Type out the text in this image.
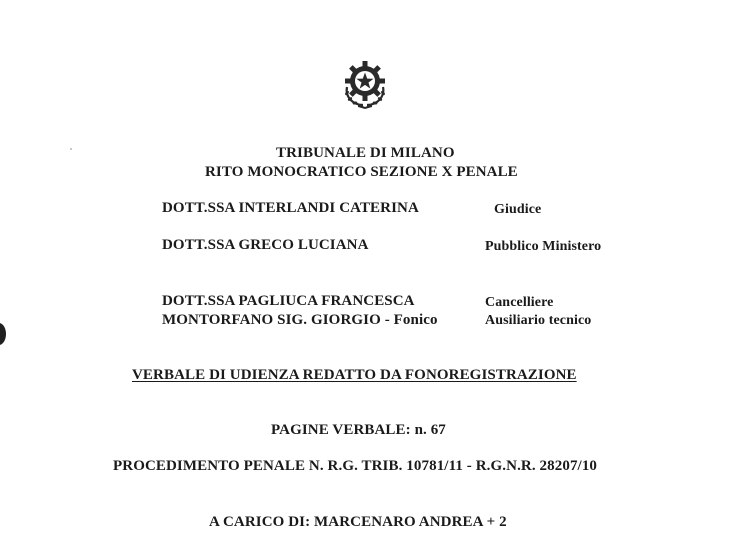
TRIBUNALE DI MILANO
RITO MONOCRATICO SEZIONE X PENALE
DOTT.SSA INTERLANDI CATERINA	Giudice
DOTT.SSA GRECO LUCIANA	Pubblico Ministero
DOTT.SSA PAGLIUCA FRANCESCA	Cancelliere
MONTORFANO SIG. GIORGIO - Fonico	Ausiliario tecnico
VERBALE DI UDIENZA REDATTO DA FONOREGISTRAZIONE
PAGINE VERBALE: n. 67
PROCEDIMENTO PENALE N. R.G. TRIB. 10781/11 - R.G.N.R. 28207/10
A CARICO DI: MARCENARO ANDREA + 2
